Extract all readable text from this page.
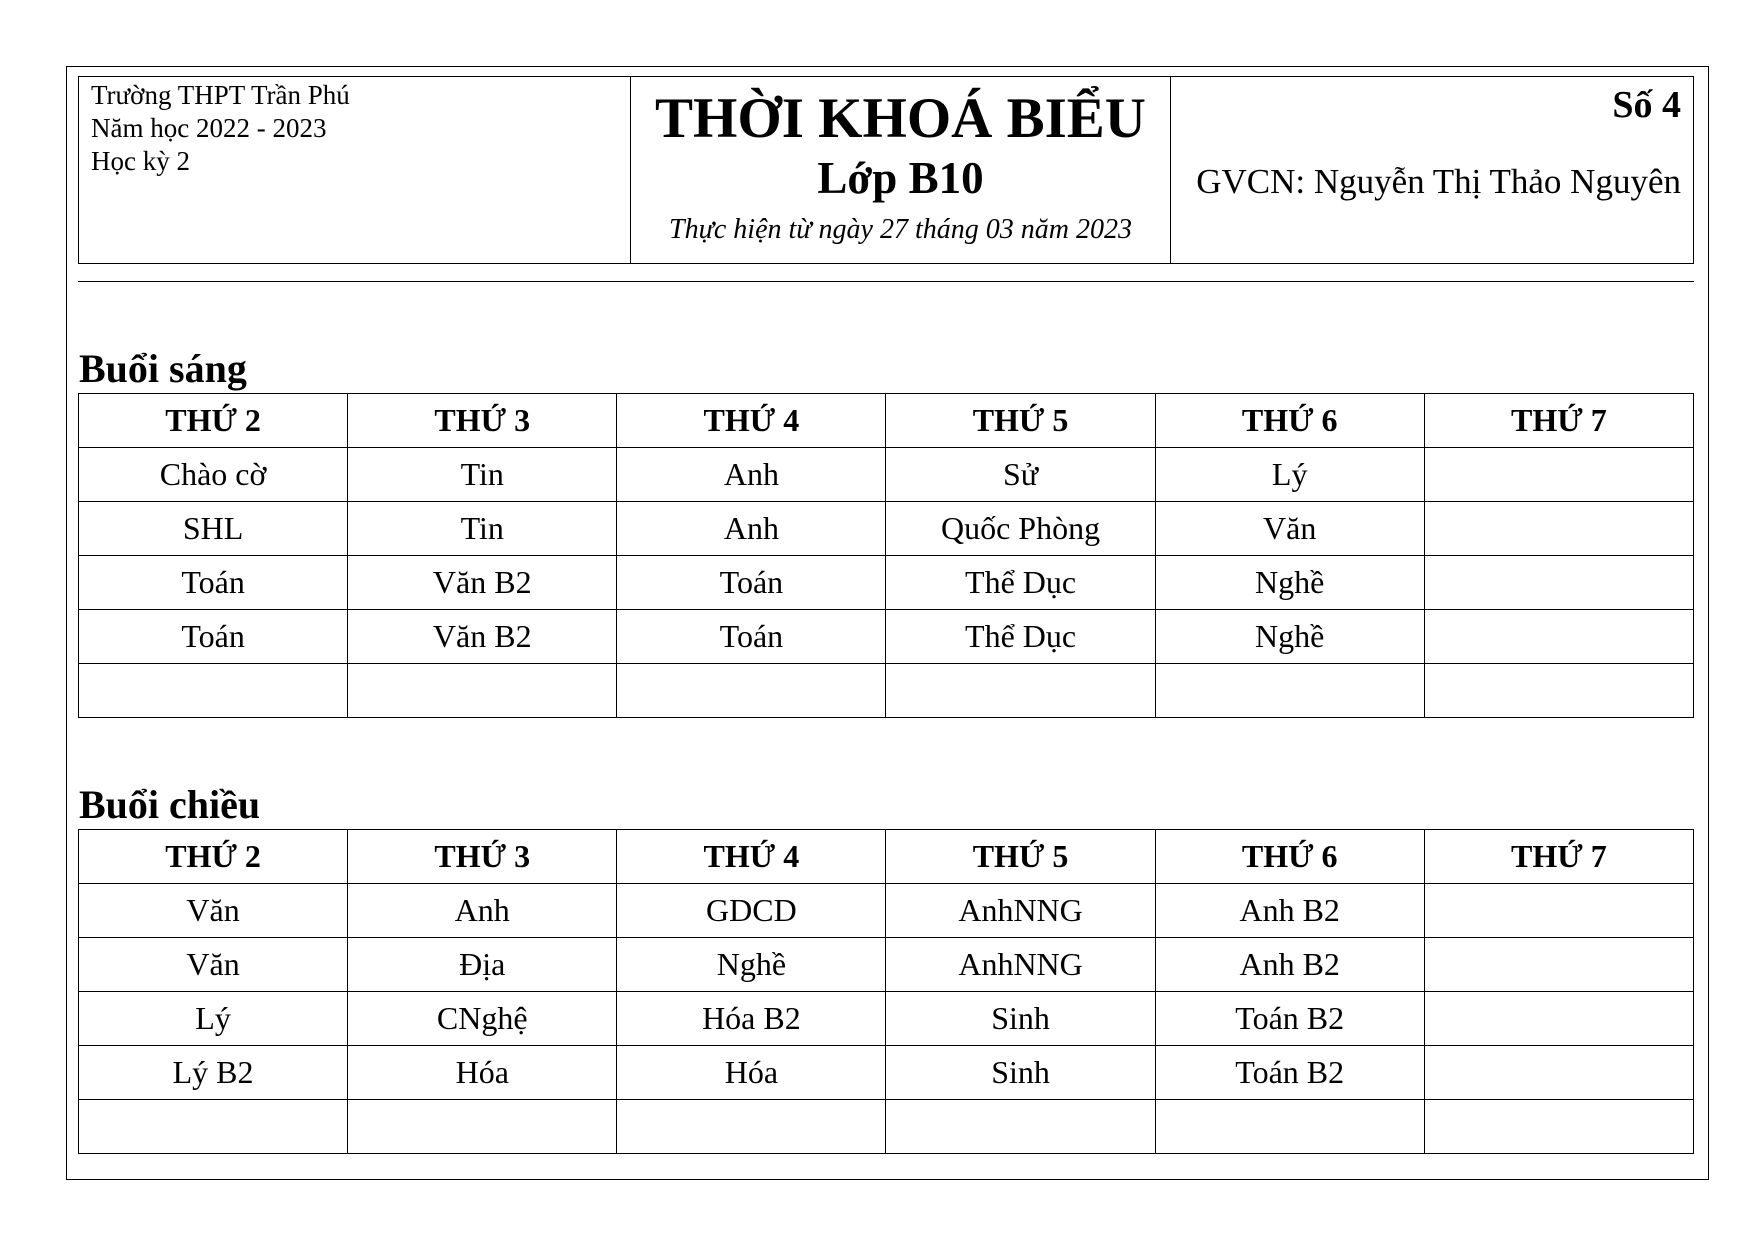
Trường THPT Trần Phú
Năm học 2022 - 2023
Học kỳ 2

THỜI KHOÁ BIỂU
Lớp B10
Thực hiện từ ngày 27 tháng 03 năm 2023

Số 4
GVCN: Nguyễn Thị Thảo Nguyên
Buổi sáng
THỨ 2	THỨ 3	THỨ 4	THỨ 5	THỨ 6	THỨ 7
Chào cờ	Tin	Anh	Sử	Lý	
SHL	Tin	Anh	Quốc Phòng	Văn	
Toán	Văn B2	Toán	Thể Dục	Nghề	
Toán	Văn B2	Toán	Thể Dục	Nghề	

Buổi chiều
THỨ 2	THỨ 3	THỨ 4	THỨ 5	THỨ 6	THỨ 7
Văn	Anh	GDCD	AnhNNG	Anh B2	
Văn	Địa	Nghề	AnhNNG	Anh B2	
Lý	CNghệ	Hóa B2	Sinh	Toán B2	
Lý B2	Hóa	Hóa	Sinh	Toán B2	
